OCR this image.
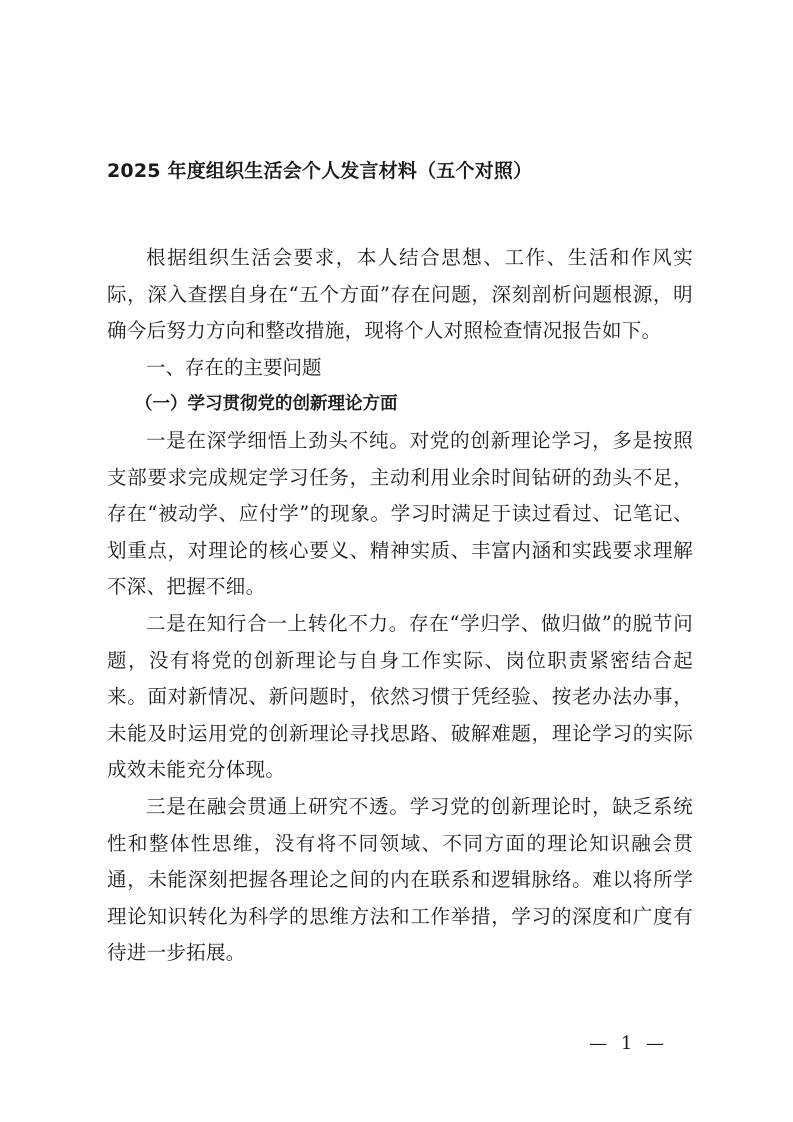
2025 年度组织生活会个人发言材料（五个对照）

根据组织生活会要求，本人结合思想、工作、生活和作风实际，深入查摆自身在“五个方面”存在问题，深刻剖析问题根源，明确今后努力方向和整改措施，现将个人对照检查情况报告如下。

一、存在的主要问题

（一）学习贯彻党的创新理论方面

一是在深学细悟上劲头不纯。对党的创新理论学习，多是按照支部要求完成规定学习任务，主动利用业余时间钻研的劲头不足，存在“被动学、应付学”的现象。学习时满足于读过看过、记笔记、划重点，对理论的核心要义、精神实质、丰富内涵和实践要求理解不深、把握不细。

二是在知行合一上转化不力。存在“学归学、做归做”的脱节问题，没有将党的创新理论与自身工作实际、岗位职责紧密结合起来。面对新情况、新问题时，依然习惯于凭经验、按老办法办事，未能及时运用党的创新理论寻找思路、破解难题，理论学习的实际成效未能充分体现。

三是在融会贯通上研究不透。学习党的创新理论时，缺乏系统性和整体性思维，没有将不同领域、不同方面的理论知识融会贯通，未能深刻把握各理论之间的内在联系和逻辑脉络。难以将所学理论知识转化为科学的思维方法和工作举措，学习的深度和广度有待进一步拓展。

— 1 —
